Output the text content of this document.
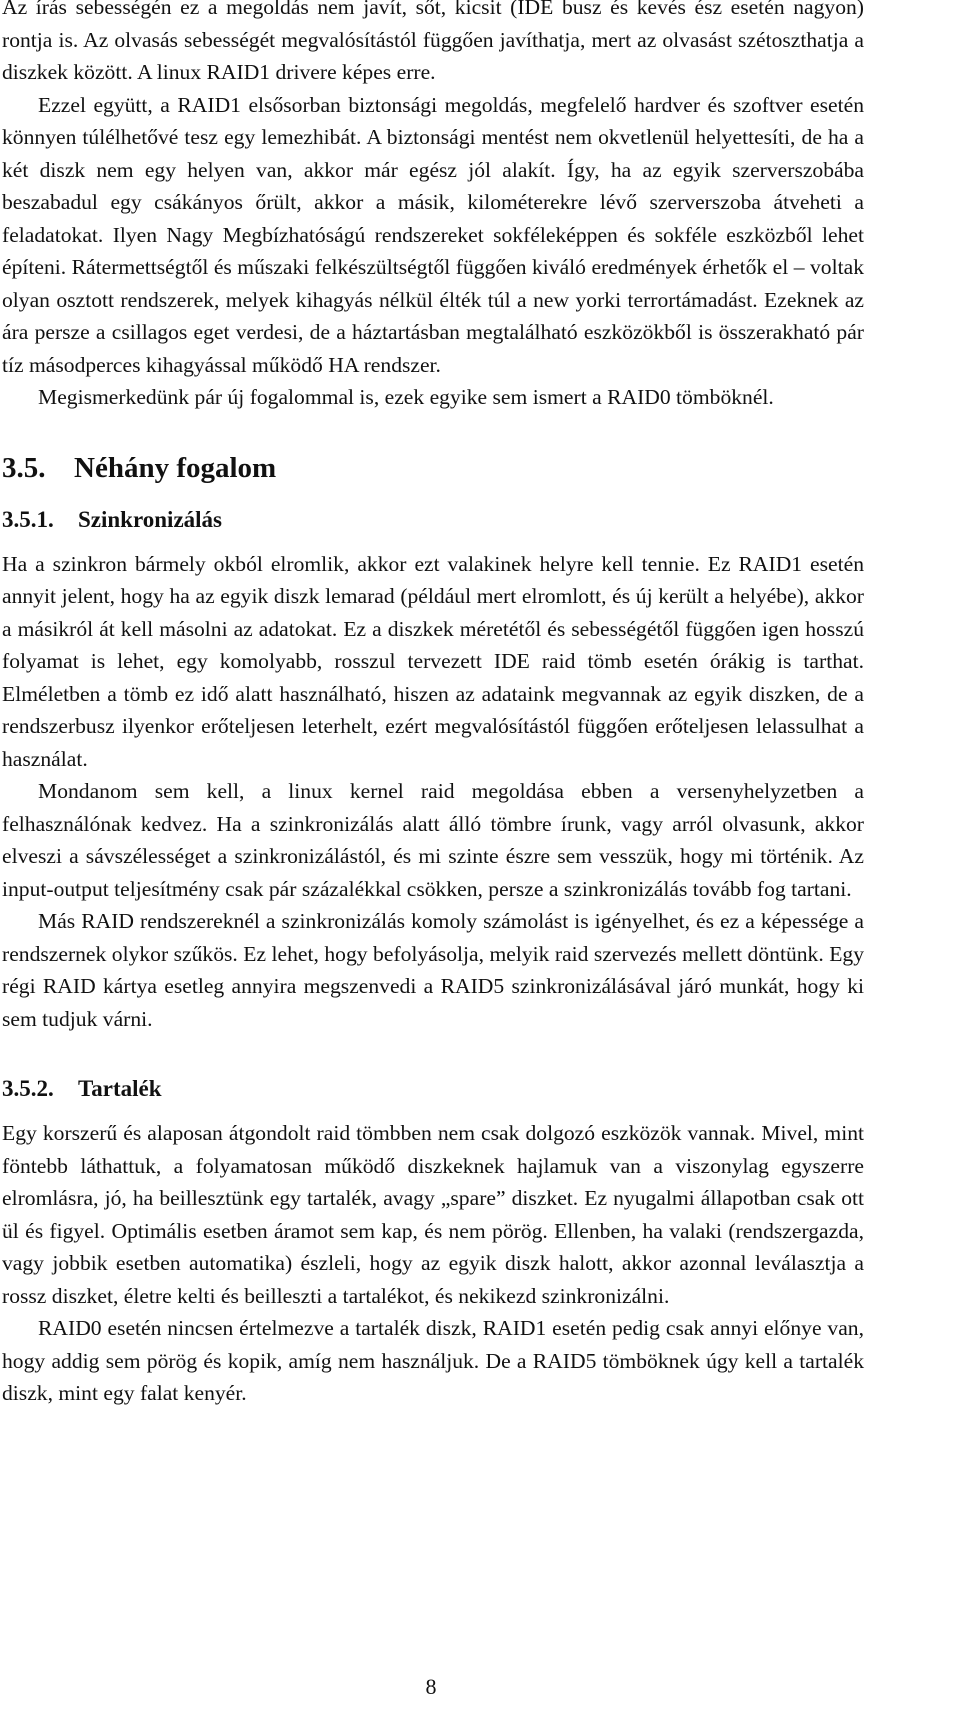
Az írás sebességén ez a megoldás nem javít, sőt, kicsit (IDE busz és kevés ész esetén nagyon) rontja is. Az olvasás sebességét megvalósítástól függően javíthatja, mert az olvasást szétoszthatja a diszkek között. A linux RAID1 drivere képes erre.

Ezzel együtt, a RAID1 elsősorban biztonsági megoldás, megfelelő hardver és szoftver esetén könnyen túlélhetővé tesz egy lemezhibát. A biztonsági mentést nem okvetlenül helyettesíti, de ha a két diszk nem egy helyen van, akkor már egész jól alakít. Így, ha az egyik szerverszobába beszabadul egy csákányos őrült, akkor a másik, kilométerekre lévő szerverszoba átveheti a feladatokat. Ilyen Nagy Megbízhatóságú rendszereket sokféleképpen és sokféle eszközből lehet építeni. Rátermettségtől és műszaki felkészültségtől függően kiváló eredmények érhetők el – voltak olyan osztott rendszerek, melyek kihagyás nélkül élték túl a new yorki terrortámadást. Ezeknek az ára persze a csillagos eget verdesi, de a háztartásban megtalálható eszközökből is összerakható pár tíz másodperces kihagyással működő HA rendszer.

Megismerkedünk pár új fogalommal is, ezek egyike sem ismert a RAID0 tömböknél.

3.5. Néhány fogalom
3.5.1. Szinkronizálás

Ha a szinkron bármely okból elromlik, akkor ezt valakinek helyre kell tennie. Ez RAID1 esetén annyit jelent, hogy ha az egyik diszk lemarad (például mert elromlott, és új került a helyébe), akkor a másikról át kell másolni az adatokat. Ez a diszkek méretétől és sebességétől függően igen hosszú folyamat is lehet, egy komolyabb, rosszul tervezett IDE raid tömb esetén órákig is tarthat. Elméletben a tömb ez idő alatt használható, hiszen az adataink megvannak az egyik diszken, de a rendszerbusz ilyenkor erőteljesen leterhelt, ezért megvalósítástól függően erőteljesen lelassulhat a használat.

Mondanom sem kell, a linux kernel raid megoldása ebben a versenyhelyzetben a felhasználónak kedvez. Ha a szinkronizálás alatt álló tömbre írunk, vagy arról olvasunk, akkor elveszi a sávszélességet a szinkronizálástól, és mi szinte észre sem vesszük, hogy mi történik. Az input-output teljesítmény csak pár százalékkal csökken, persze a szinkronizálás tovább fog tartani.

Más RAID rendszereknél a szinkronizálás komoly számolást is igényelhet, és ez a képessége a rendszernek olykor szűkös. Ez lehet, hogy befolyásolja, melyik raid szervezés mellett döntünk. Egy régi RAID kártya esetleg annyira megszenvedi a RAID5 szinkronizálásával járó munkát, hogy ki sem tudjuk várni.

3.5.2. Tartalék

Egy korszerű és alaposan átgondolt raid tömbben nem csak dolgozó eszközök vannak. Mivel, mint föntebb láthattuk, a folyamatosan működő diszkeknek hajlamuk van a viszonylag egyszerre elromlásra, jó, ha beillesztünk egy tartalék, avagy „spare” diszket. Ez nyugalmi állapotban csak ott ül és figyel. Optimális esetben áramot sem kap, és nem pörög. Ellenben, ha valaki (rendszergazda, vagy jobbik esetben automatika) észleli, hogy az egyik diszk halott, akkor azonnal leválasztja a rossz diszket, életre kelti és beilleszti a tartalékot, és nekikezd szinkronizálni.

RAID0 esetén nincsen értelmezve a tartalék diszk, RAID1 esetén pedig csak annyi előnye van, hogy addig sem pörög és kopik, amíg nem használjuk. De a RAID5 tömböknek úgy kell a tartalék diszk, mint egy falat kenyér.

8
